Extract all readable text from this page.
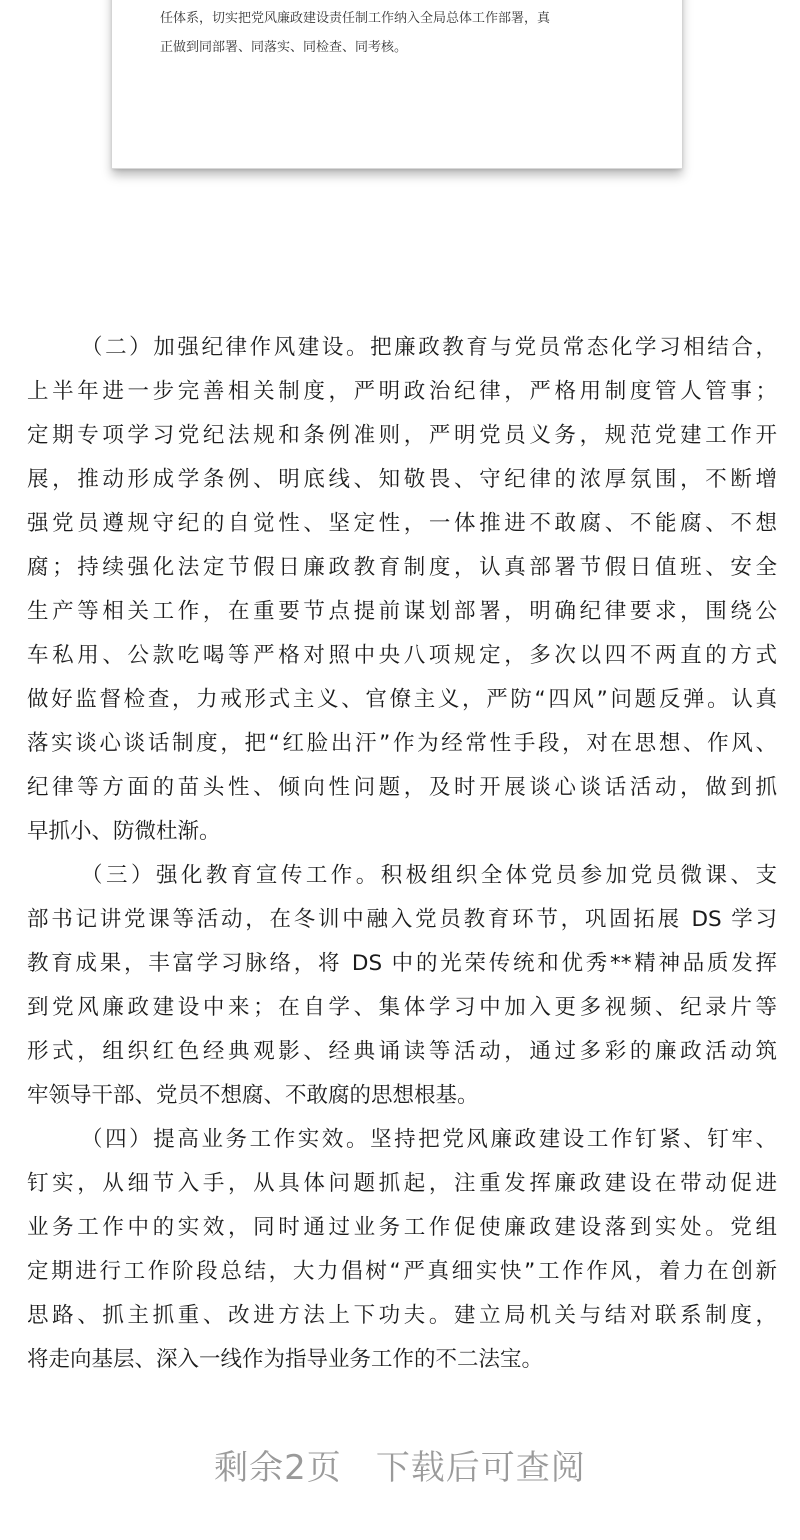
任体系，切实把党风廉政建设责任制工作纳入全局总体工作部署，真
正做到同部署、同落实、同检查、同考核。
（二）加强纪律作风建设。把廉政教育与党员常态化学习相结合，
上半年进一步完善相关制度，严明政治纪律，严格用制度管人管事；
定期专项学习党纪法规和条例准则，严明党员义务，规范党建工作开
展，推动形成学条例、明底线、知敬畏、守纪律的浓厚氛围，不断增
强党员遵规守纪的自觉性、坚定性，一体推进不敢腐、不能腐、不想
腐；持续强化法定节假日廉政教育制度，认真部署节假日值班、安全
生产等相关工作，在重要节点提前谋划部署，明确纪律要求，围绕公
车私用、公款吃喝等严格对照中央八项规定，多次以四不两直的方式
做好监督检查，力戒形式主义、官僚主义，严防“四风”问题反弹。认真
落实谈心谈话制度，把“红脸出汗”作为经常性手段，对在思想、作风、
纪律等方面的苗头性、倾向性问题，及时开展谈心谈话活动，做到抓
早抓小、防微杜渐。
（三）强化教育宣传工作。积极组织全体党员参加党员微课、支
部书记讲党课等活动，在冬训中融入党员教育环节，巩固拓展 DS 学习
教育成果，丰富学习脉络，将 DS 中的光荣传统和优秀**精神品质发挥
到党风廉政建设中来；在自学、集体学习中加入更多视频、纪录片等
形式，组织红色经典观影、经典诵读等活动，通过多彩的廉政活动筑
牢领导干部、党员不想腐、不敢腐的思想根基。
（四）提高业务工作实效。坚持把党风廉政建设工作钉紧、钉牢、
钉实，从细节入手，从具体问题抓起，注重发挥廉政建设在带动促进
业务工作中的实效，同时通过业务工作促使廉政建设落到实处。党组
定期进行工作阶段总结，大力倡树“严真细实快”工作作风，着力在创新
思路、抓主抓重、改进方法上下功夫。建立局机关与结对联系制度，
将走向基层、深入一线作为指导业务工作的不二法宝。
剩余2页 下载后可查阅
